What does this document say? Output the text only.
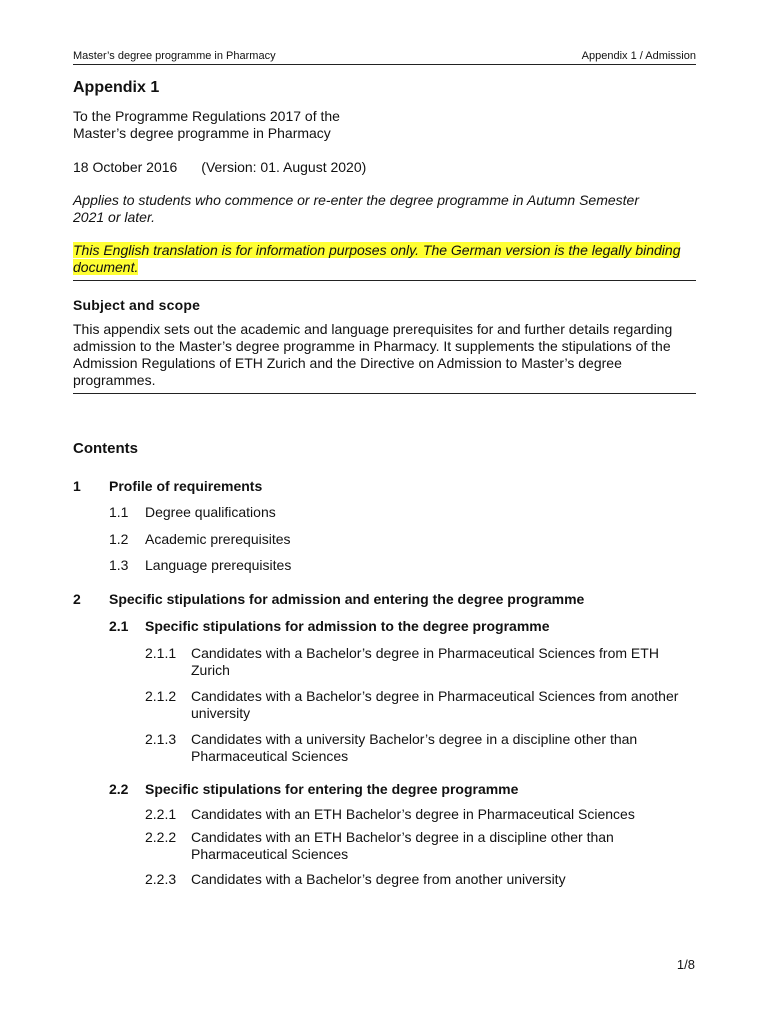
Master’s degree programme in Pharmacy	Appendix 1 / Admission
Appendix 1
To the Programme Regulations 2017 of the
Master’s degree programme in Pharmacy
18 October 2016 (Version: 01. August 2020)
Applies to students who commence or re-enter the degree programme in Autumn Semester 2021 or later.
This English translation is for information purposes only. The German version is the legally binding document.
Subject and scope
This appendix sets out the academic and language prerequisites for and further details regarding admission to the Master’s degree programme in Pharmacy. It supplements the stipulations of the Admission Regulations of ETH Zurich and the Directive on Admission to Master’s degree programmes.
Contents
1	Profile of requirements
1.1	Degree qualifications
1.2	Academic prerequisites
1.3	Language prerequisites
2	Specific stipulations for admission and entering the degree programme
2.1	Specific stipulations for admission to the degree programme
2.1.1	Candidates with a Bachelor’s degree in Pharmaceutical Sciences from ETH Zurich
2.1.2	Candidates with a Bachelor’s degree in Pharmaceutical Sciences from another university
2.1.3	Candidates with a university Bachelor’s degree in a discipline other than Pharmaceutical Sciences
2.2	Specific stipulations for entering the degree programme
2.2.1	Candidates with an ETH Bachelor’s degree in Pharmaceutical Sciences
2.2.2	Candidates with an ETH Bachelor’s degree in a discipline other than Pharmaceutical Sciences
2.2.3	Candidates with a Bachelor’s degree from another university
1/8
